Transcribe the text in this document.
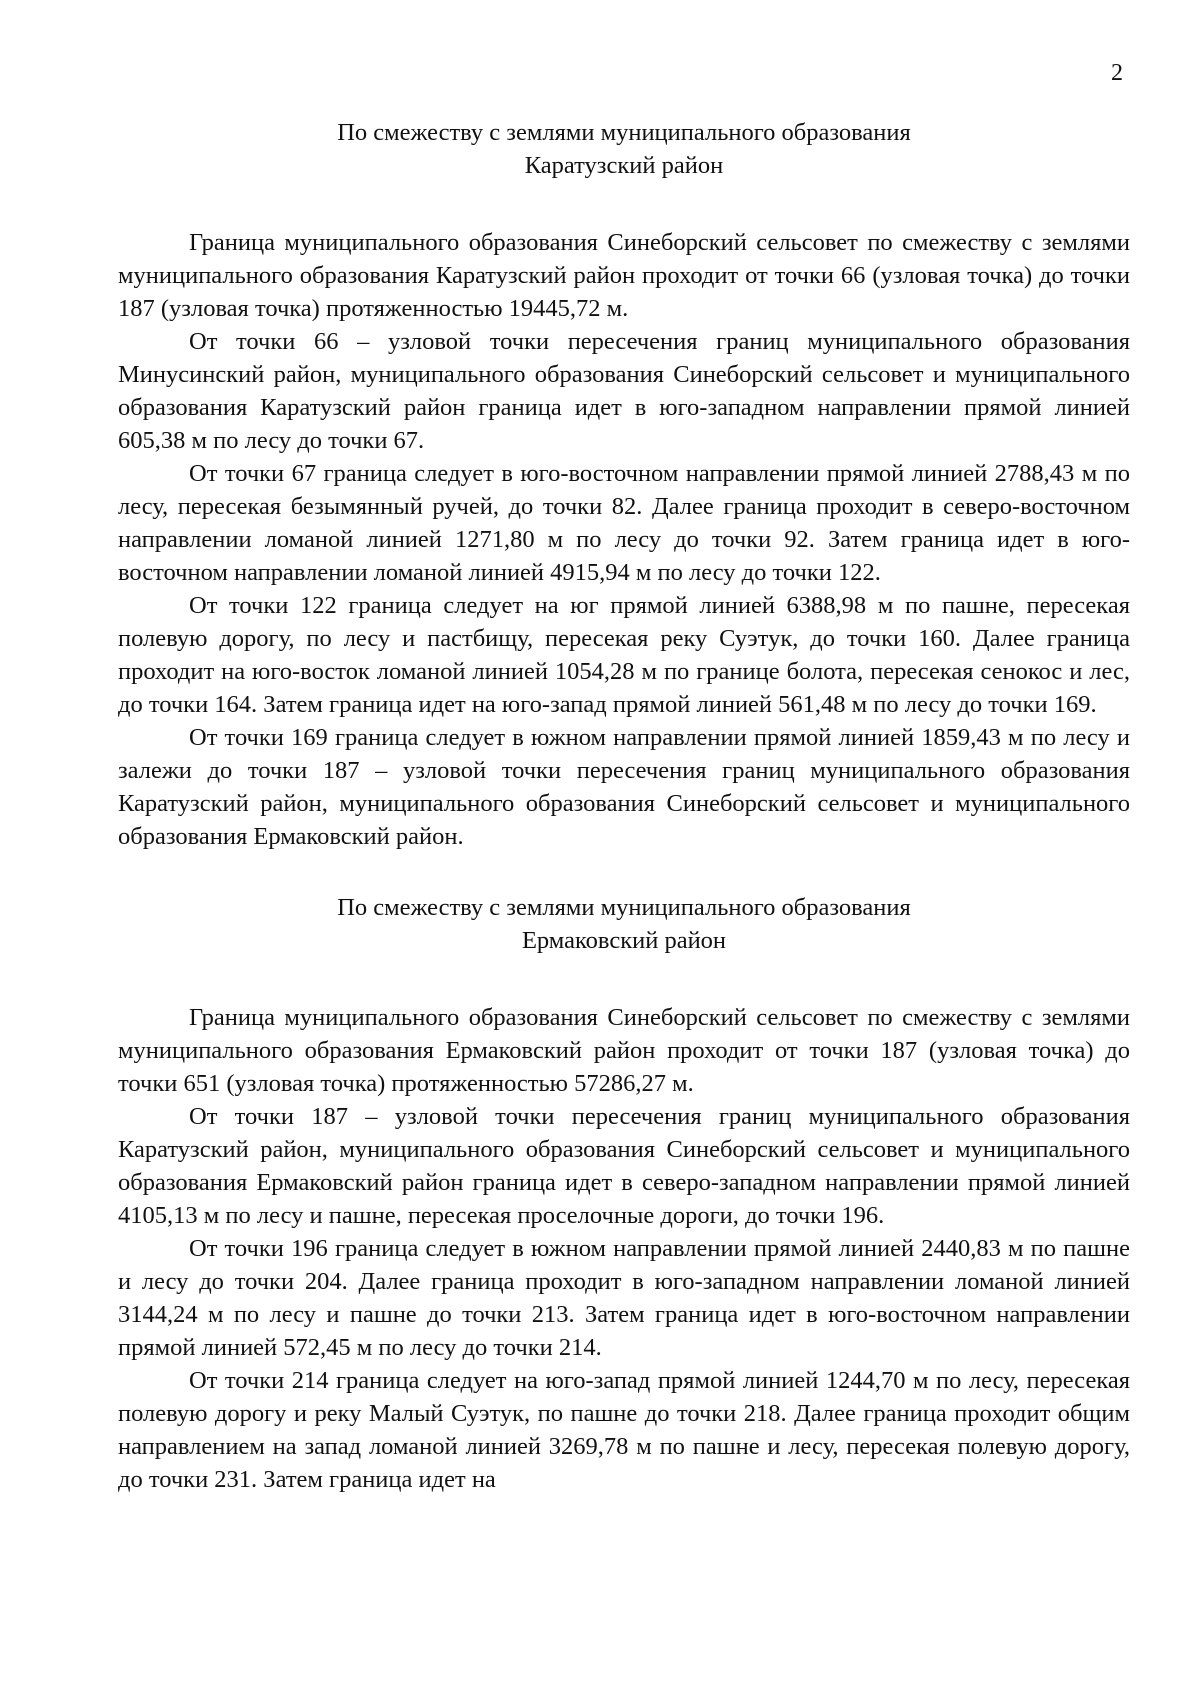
2
По смежеству с землями муниципального образования
Каратузский район

Граница муниципального образования Синеборский сельсовет по смежеству с землями муниципального образования Каратузский район проходит от точки 66 (узловая точка) до точки 187 (узловая точка) протяженностью 19445,72 м.

От точки 66 – узловой точки пересечения границ муниципального образования Минусинский район, муниципального образования Синеборский сельсовет и муниципального образования Каратузский район граница идет в юго-западном направлении прямой линией 605,38 м по лесу до точки 67.

От точки 67 граница следует в юго-восточном направлении прямой линией 2788,43 м по лесу, пересекая безымянный ручей, до точки 82. Далее граница проходит в северо-восточном направлении ломаной линией 1271,80 м по лесу до точки 92. Затем граница идет в юго-восточном направлении ломаной линией 4915,94 м по лесу до точки 122.

От точки 122 граница следует на юг прямой линией 6388,98 м по пашне, пересекая полевую дорогу, по лесу и пастбищу, пересекая реку Суэтук, до точки 160. Далее граница проходит на юго-восток ломаной линией 1054,28 м по границе болота, пересекая сенокос и лес, до точки 164. Затем граница идет на юго-запад прямой линией 561,48 м по лесу до точки 169.

От точки 169 граница следует в южном направлении прямой линией 1859,43 м по лесу и залежи до точки 187 – узловой точки пересечения границ муниципального образования Каратузский район, муниципального образования Синеборский сельсовет и муниципального образования Ермаковский район.

По смежеству с землями муниципального образования
Ермаковский район

Граница муниципального образования Синеборский сельсовет по смежеству с землями муниципального образования Ермаковский район проходит от точки 187 (узловая точка) до точки 651 (узловая точка) протяженностью 57286,27 м.

От точки 187 – узловой точки пересечения границ муниципального образования Каратузский район, муниципального образования Синеборский сельсовет и муниципального образования Ермаковский район граница идет в северо-западном направлении прямой линией 4105,13 м по лесу и пашне, пересекая проселочные дороги, до точки 196.

От точки 196 граница следует в южном направлении прямой линией 2440,83 м по пашне и лесу до точки 204. Далее граница проходит в юго-западном направлении ломаной линией 3144,24 м по лесу и пашне до точки 213. Затем граница идет в юго-восточном направлении прямой линией 572,45 м по лесу до точки 214.

От точки 214 граница следует на юго-запад прямой линией 1244,70 м по лесу, пересекая полевую дорогу и реку Малый Суэтук, по пашне до точки 218. Далее граница проходит общим направлением на запад ломаной линией 3269,78 м по пашне и лесу, пересекая полевую дорогу, до точки 231. Затем граница идет на
